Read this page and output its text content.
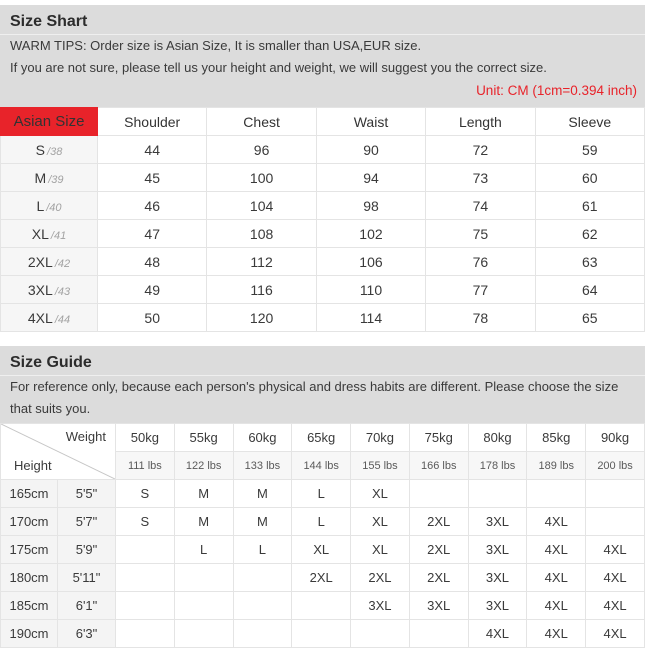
Size Shart

WARM TIPS: Order size is Asian Size, It is smaller than USA,EUR size.

If you are not sure, please tell us your height and weight, we will suggest you the correct size.

Unit: CM (1cm=0.394 inch)

Asian Size	Shoulder	Chest	Waist	Length	Sleeve
S /38	44	96	90	72	59
M /39	45	100	94	73	60
L /40	46	104	98	74	61
XL /41	47	108	102	75	62
2XL /42	48	112	106	76	63
3XL /43	49	116	110	77	64
4XL /44	50	120	114	78	65
Size Guide

For reference only, because each person's physical and dress habits are different. Please choose the size that suits you.

Weight
Height		50kg	55kg	60kg	65kg	70kg	75kg	80kg	85kg	90kg
		111 lbs	122 lbs	133 lbs	144 lbs	155 lbs	166 lbs	178 lbs	189 lbs	200 lbs
165cm	5'5"	S	M	M	L	XL				
170cm	5'7"	S	M	M	L	XL	2XL	3XL	4XL	
175cm	5'9"		L	L	XL	XL	2XL	3XL	4XL	4XL
180cm	5'11"				2XL	2XL	2XL	3XL	4XL	4XL
185cm	6'1"					3XL	3XL	3XL	4XL	4XL
190cm	6'3"							4XL	4XL	4XL
